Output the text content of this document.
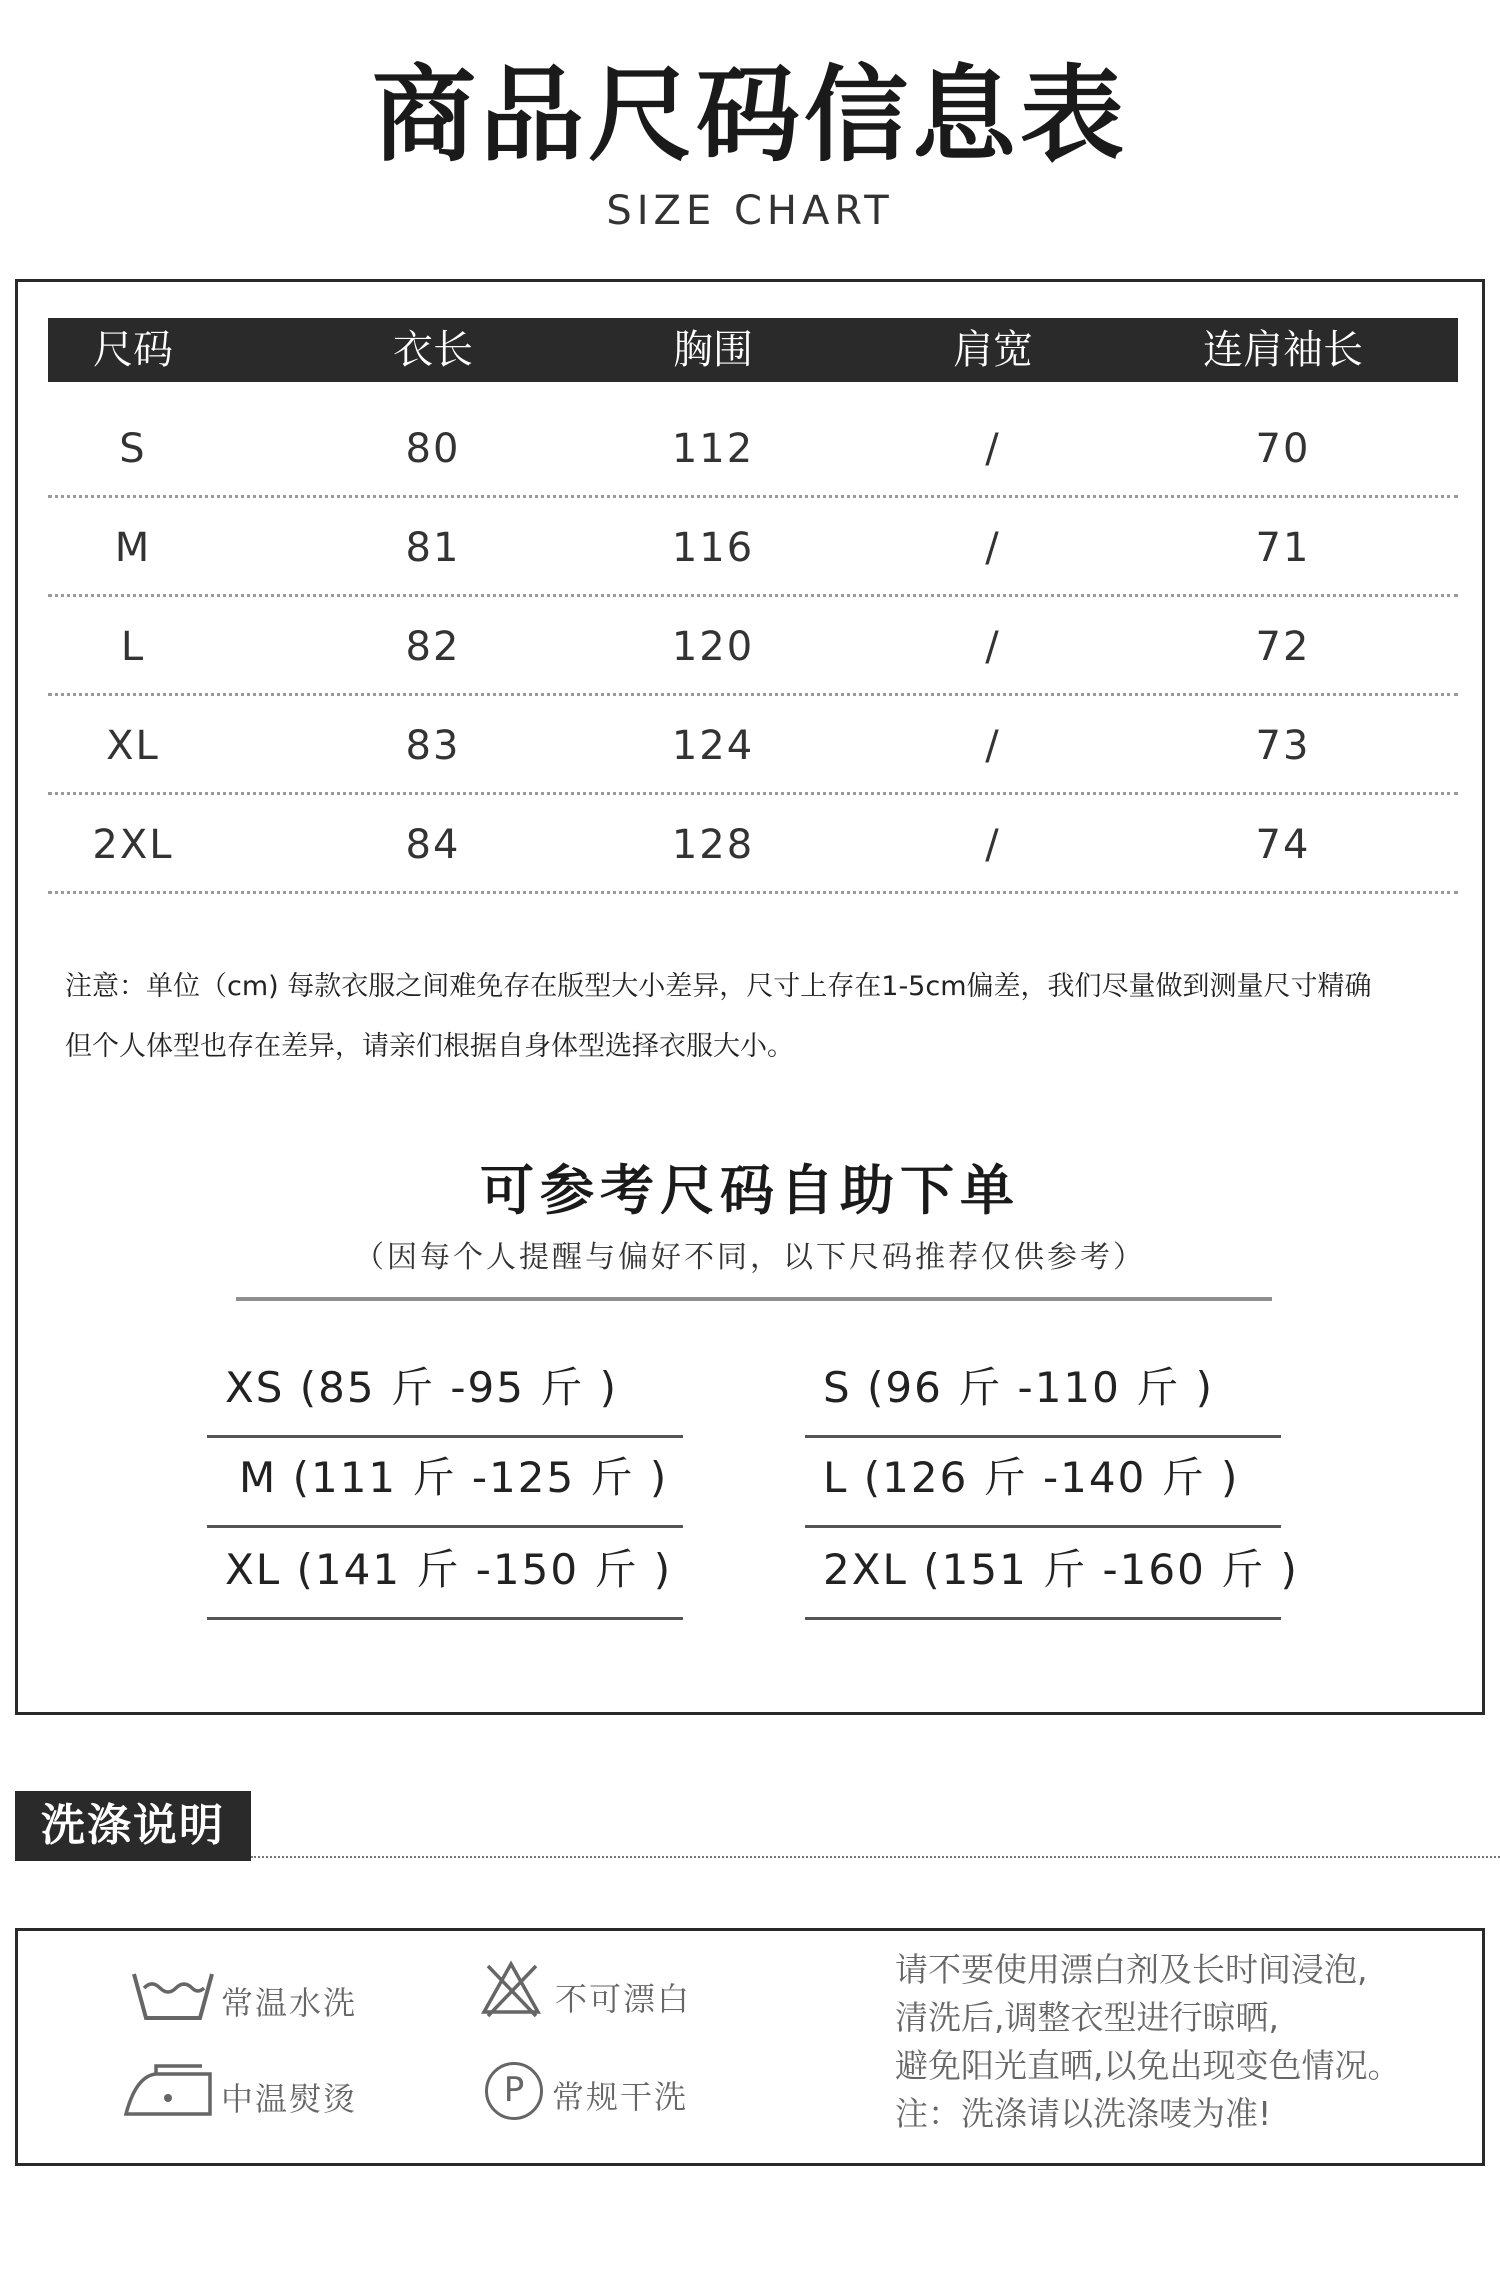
商品尺码信息表
SIZE CHART
尺码	衣长	胸围	肩宽	连肩袖长
S	80	112	/	70
M	81	116	/	71
L	82	120	/	72
XL	83	124	/	73
2XL	84	128	/	74
注意：单位（cm) 每款衣服之间难免存在版型大小差异，尺寸上存在1-5cm偏差，我们尽量做到测量尺寸精确
但个人体型也存在差异，请亲们根据自身体型选择衣服大小。
可参考尺码自助下单
（因每个人提醒与偏好不同，以下尺码推荐仅供参考）
XS (85 斤 -95 斤 )	S (96 斤 -110 斤 )
M (111 斤 -125 斤 )	L (126 斤 -140 斤 )
XL (141 斤 -150 斤 )	2XL (151 斤 -160 斤 )
洗涤说明
常温水洗	不可漂白
中温熨烫	P 常规干洗
请不要使用漂白剂及长时间浸泡,
清洗后,调整衣型进行晾晒,
避免阳光直晒,以免出现变色情况。
注：洗涤请以洗涤唛为准!
